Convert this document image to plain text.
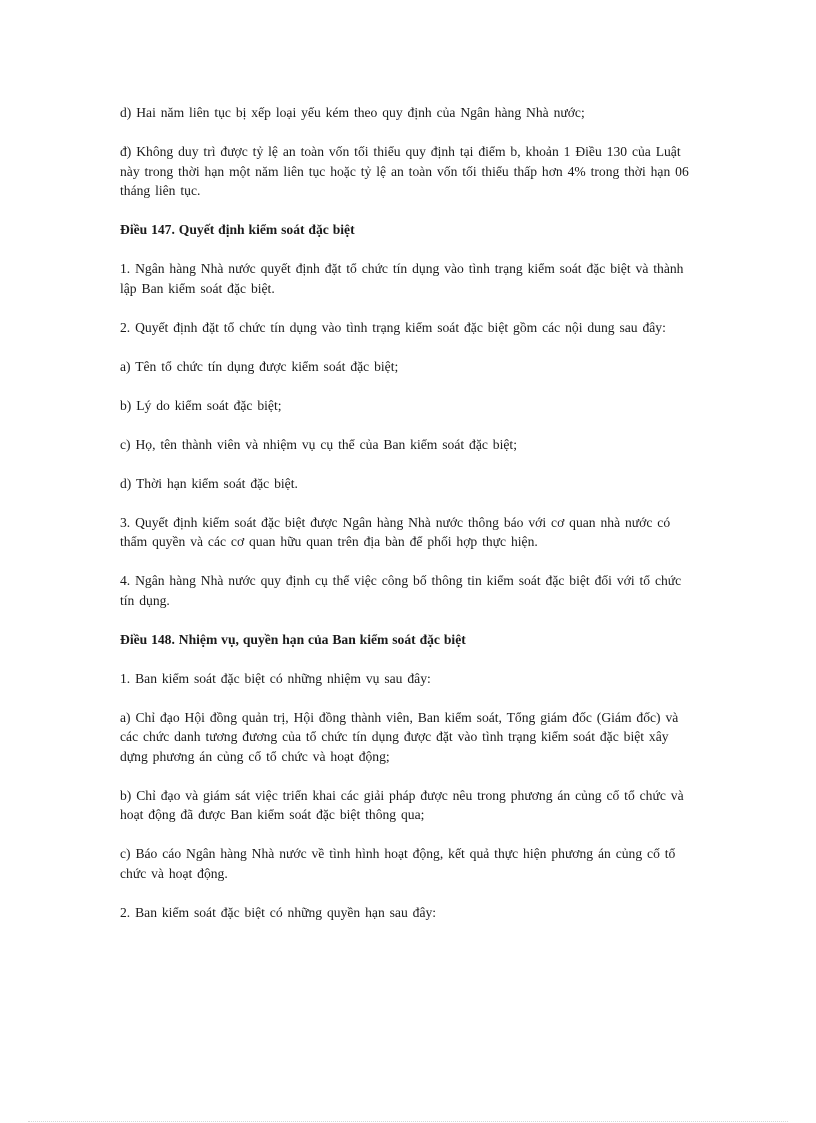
d) Hai năm liên tục bị xếp loại yếu kém theo quy định của Ngân hàng Nhà nước;

đ) Không duy trì được tỷ lệ an toàn vốn tối thiểu quy định tại điểm b, khoản 1 Điều 130 của Luật này trong thời hạn một năm liên tục hoặc tỷ lệ an toàn vốn tối thiểu thấp hơn 4% trong thời hạn 06 tháng liên tục.

Điều 147. Quyết định kiểm soát đặc biệt

1. Ngân hàng Nhà nước quyết định đặt tổ chức tín dụng vào tình trạng kiểm soát đặc biệt và thành lập Ban kiểm soát đặc biệt.

2. Quyết định đặt tổ chức tín dụng vào tình trạng kiểm soát đặc biệt gồm các nội dung sau đây:

a) Tên tổ chức tín dụng được kiểm soát đặc biệt;

b) Lý do kiểm soát đặc biệt;

c) Họ, tên thành viên và nhiệm vụ cụ thể của Ban kiểm soát đặc biệt;

d) Thời hạn kiểm soát đặc biệt.

3. Quyết định kiểm soát đặc biệt được Ngân hàng Nhà nước thông báo với cơ quan nhà nước có thẩm quyền và các cơ quan hữu quan trên địa bàn để phối hợp thực hiện.

4. Ngân hàng Nhà nước quy định cụ thể việc công bố thông tin kiểm soát đặc biệt đối với tổ chức tín dụng.

Điều 148. Nhiệm vụ, quyền hạn của Ban kiểm soát đặc biệt

1. Ban kiểm soát đặc biệt có những nhiệm vụ sau đây:

a) Chỉ đạo Hội đồng quản trị, Hội đồng thành viên, Ban kiểm soát, Tổng giám đốc (Giám đốc) và các chức danh tương đương của tổ chức tín dụng được đặt vào tình trạng kiểm soát đặc biệt xây dựng phương án củng cố tổ chức và hoạt động;

b) Chỉ đạo và giám sát việc triển khai các giải pháp được nêu trong phương án củng cố tổ chức và hoạt động đã được Ban kiểm soát đặc biệt thông qua;

c) Báo cáo Ngân hàng Nhà nước về tình hình hoạt động, kết quả thực hiện phương án củng cố tổ chức và hoạt động.

2. Ban kiểm soát đặc biệt có những quyền hạn sau đây:
